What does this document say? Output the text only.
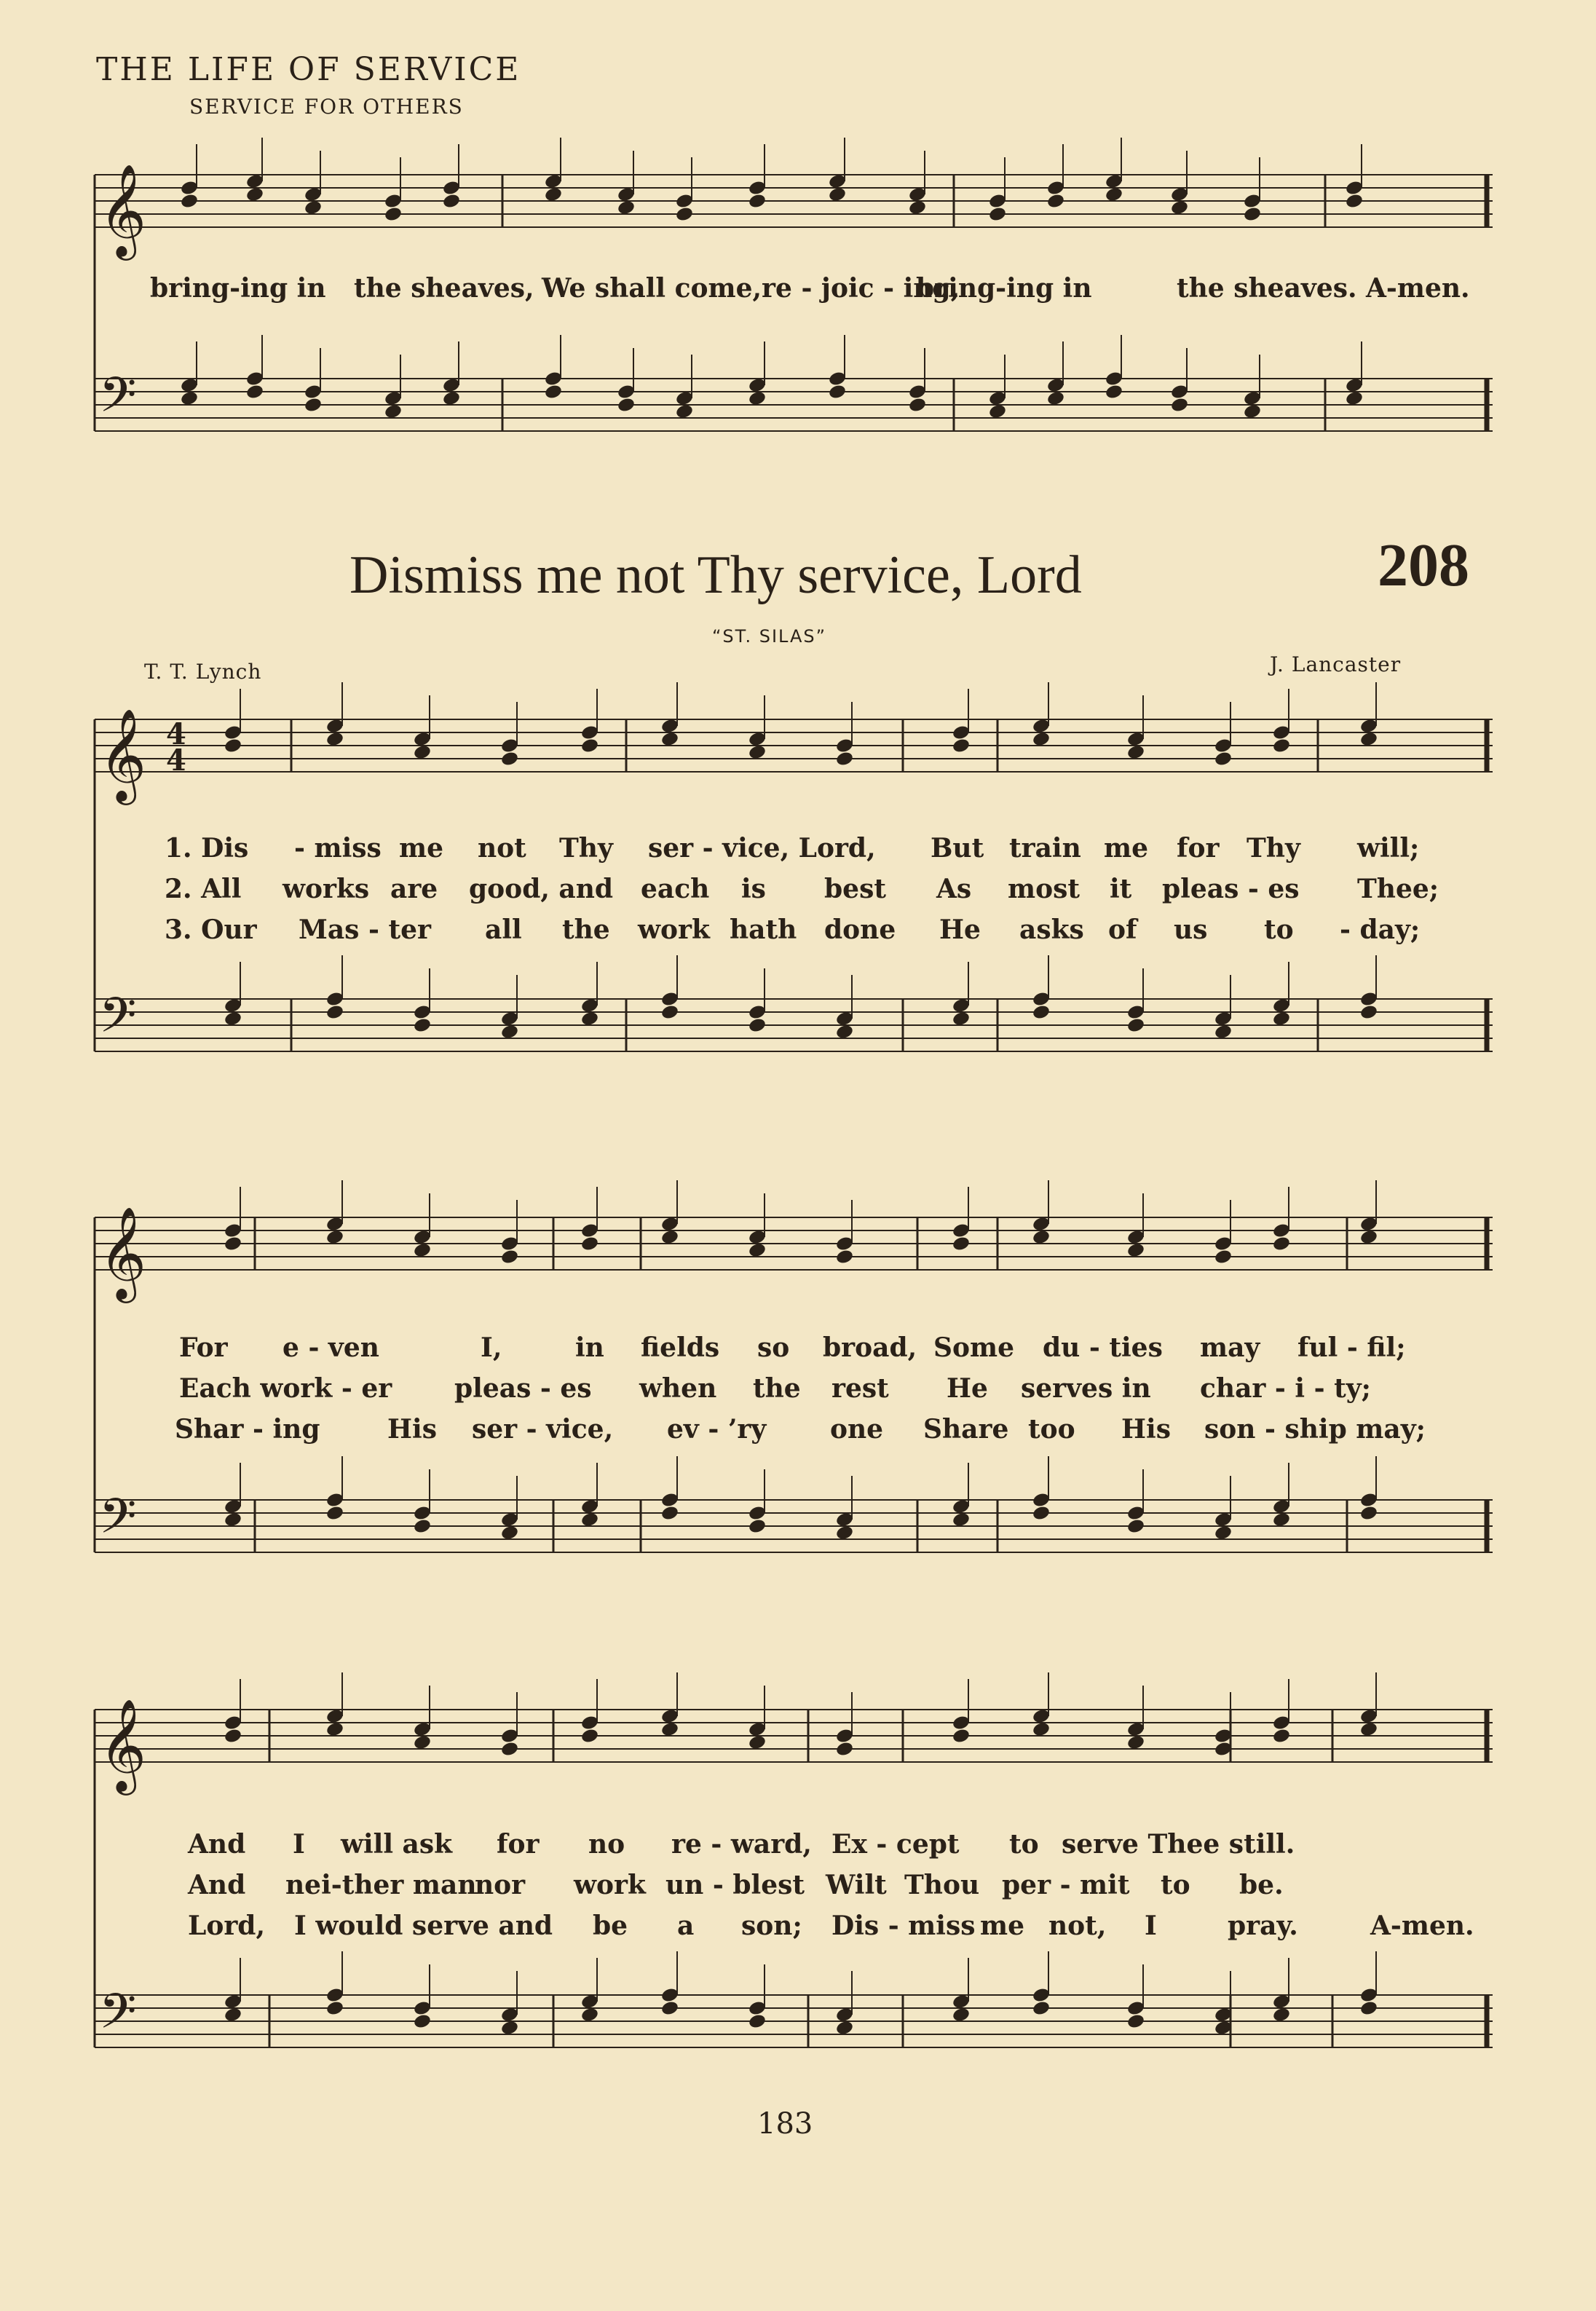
THE LIFE OF SERVICE
SERVICE FOR OTHERS
𝄞
𝄢
𝄞
𝄢
𝄞
𝄢
𝄞
𝄢
4
4
bring-ing in the sheaves, We shall come,re - joic - ing,
bring-ing in	the sheaves. A-men.
Dismiss me not Thy service, Lord	208
“ST. SILAS”
T. T. Lynch	J. Lancaster
1. Dis - miss me not Thy ser - vice, Lord, But train me for Thy will;
2. All works are good, and each is best As most it pleas - es Thee;
3. Our Mas - ter all the work hath done He asks of us to - day;
For e - ven	I,	in fields so broad, Some du - ties may ful - fil;
Each work - er pleas - es when the rest He serves in char - i - ty;
Shar - ing	His ser - vice, ev - ’ry one Share too His son - ship may;
And I will ask for no re - ward, Ex - cept to serve Thee still.
And nei-ther man
nor work un - blest Wilt Thou per - mit to be.
Lord, I would serve and be a son; Dis - miss me not, I	pray.	A-men.
183
